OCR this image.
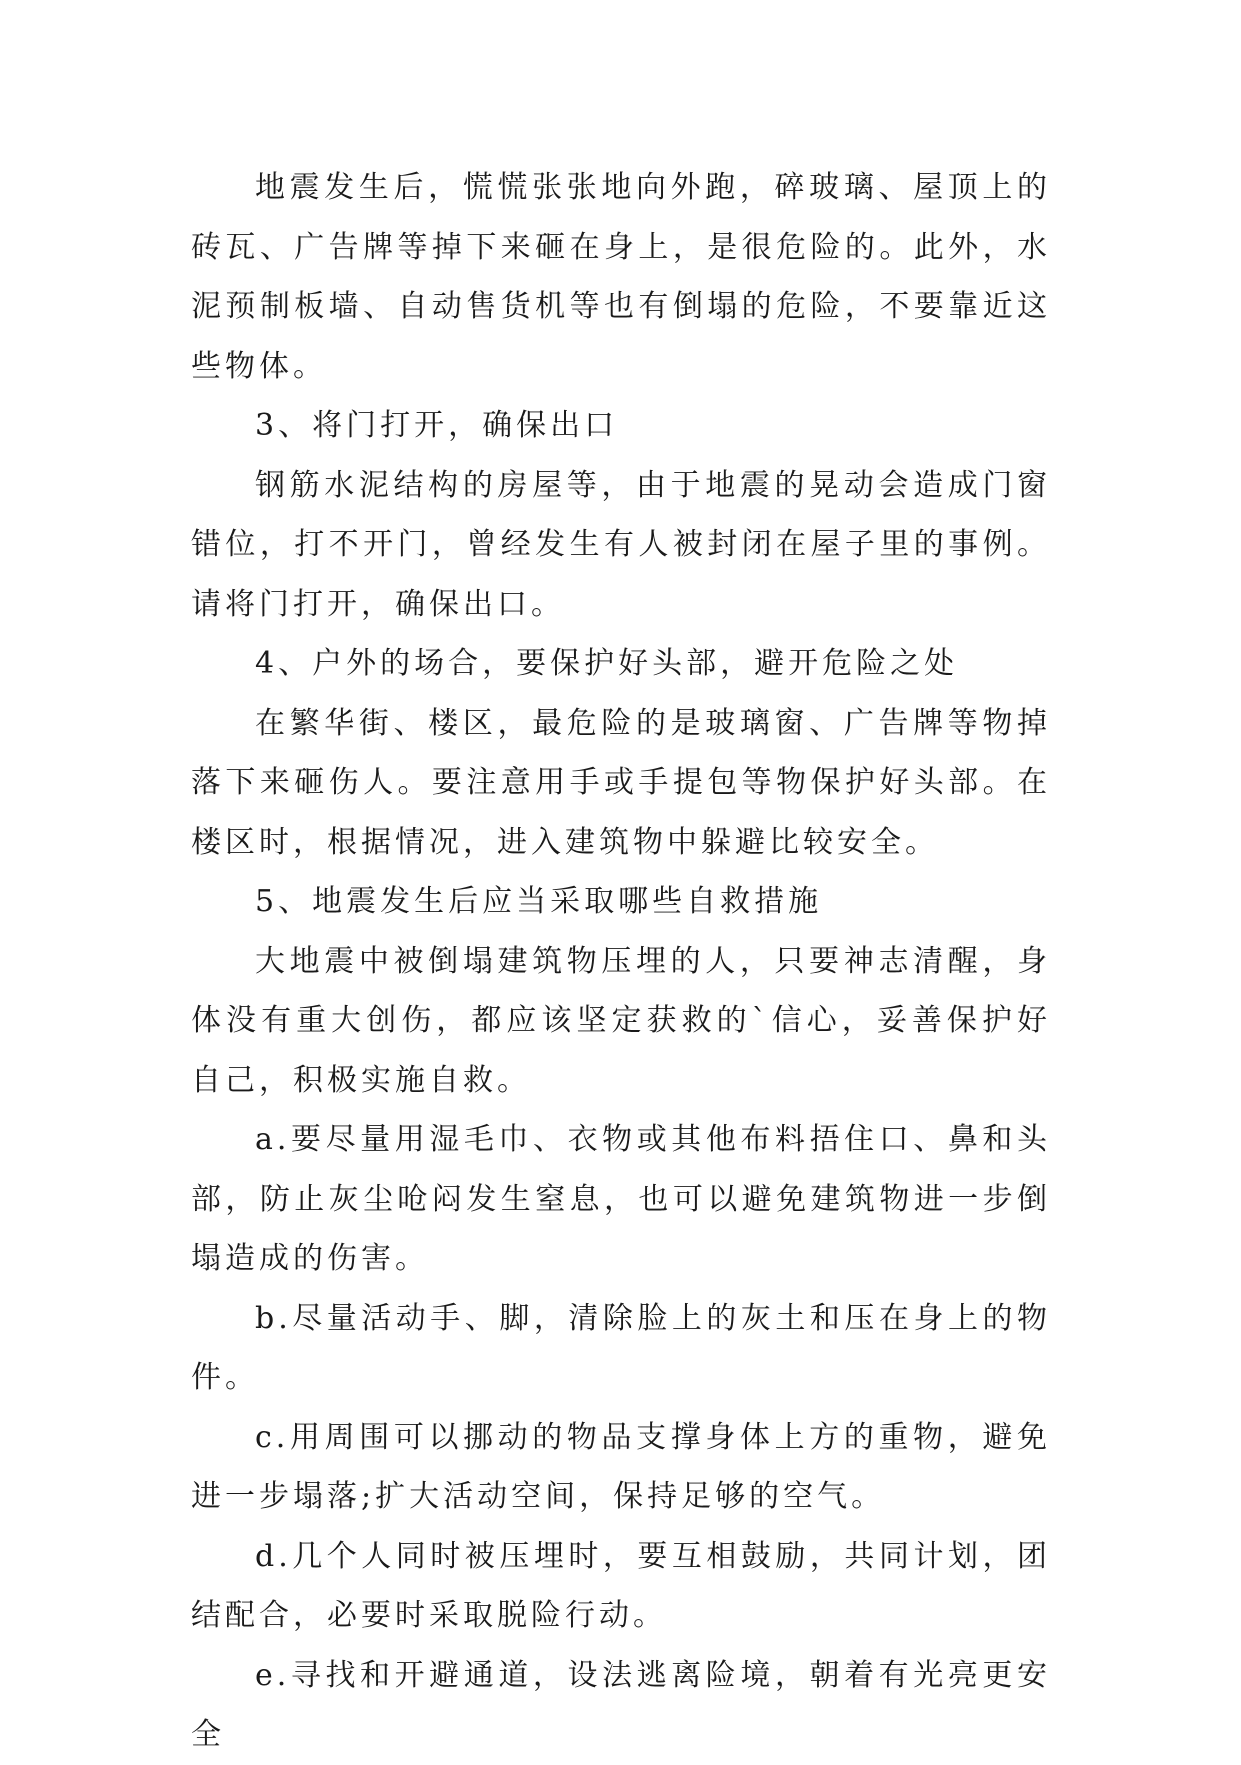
地震发生后，慌慌张张地向外跑，碎玻璃、屋顶上的砖瓦、广告牌等掉下来砸在身上，是很危险的。此外，水泥预制板墙、自动售货机等也有倒塌的危险，不要靠近这些物体。

3、将门打开，确保出口

钢筋水泥结构的房屋等，由于地震的晃动会造成门窗错位，打不开门，曾经发生有人被封闭在屋子里的事例。请将门打开，确保出口。

4、户外的场合，要保护好头部，避开危险之处

在繁华街、楼区，最危险的是玻璃窗、广告牌等物掉落下来砸伤人。要注意用手或手提包等物保护好头部。在楼区时，根据情况，进入建筑物中躲避比较安全。

5、地震发生后应当采取哪些自救措施

大地震中被倒塌建筑物压埋的人，只要神志清醒，身体没有重大创伤，都应该坚定获救的`信心，妥善保护好自己，积极实施自救。

a.要尽量用湿毛巾、衣物或其他布料捂住口、鼻和头部，防止灰尘呛闷发生窒息，也可以避免建筑物进一步倒塌造成的伤害。

b.尽量活动手、脚，清除脸上的灰土和压在身上的物件。

c.用周围可以挪动的物品支撑身体上方的重物，避免进一步塌落;扩大活动空间，保持足够的空气。

d.几个人同时被压埋时，要互相鼓励，共同计划，团结配合，必要时采取脱险行动。

e.寻找和开避通道，设法逃离险境，朝着有光亮更安全
